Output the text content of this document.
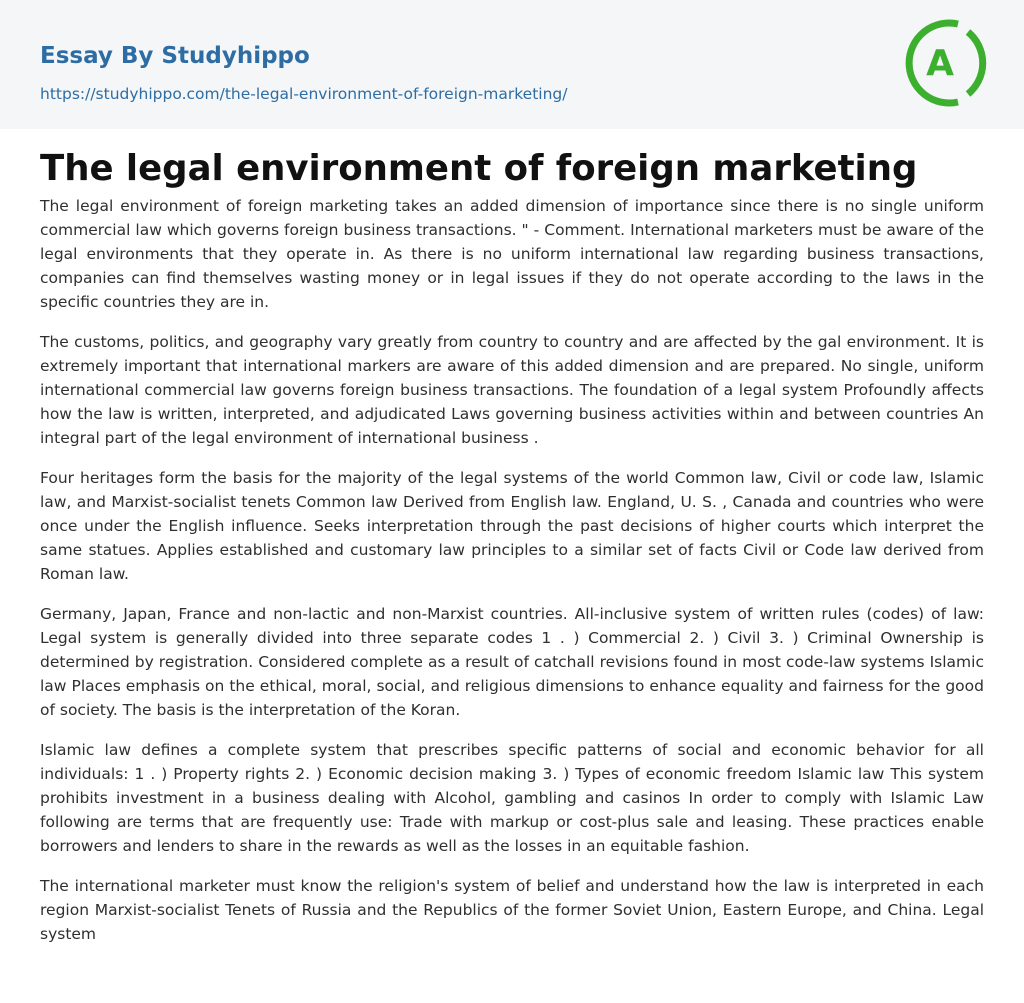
Essay By Studyhippo
https://studyhippo.com/the-legal-environment-of-foreign-marketing/
A
The legal environment of foreign marketing

The legal environment of foreign marketing takes an added dimension of importance since there is no single uniform commercial law which governs foreign business transactions. " - Comment. International marketers must be aware of the legal environments that they operate in. As there is no uniform international law regarding business transactions, companies can find themselves wasting money or in legal issues if they do not operate according to the laws in the specific countries they are in.

The customs, politics, and geography vary greatly from country to country and are affected by the gal environment. It is extremely important that international markers are aware of this added dimension and are prepared. No single, uniform international commercial law governs foreign business transactions. The foundation of a legal system Profoundly affects how the law is written, interpreted, and adjudicated Laws governing business activities within and between countries An integral part of the legal environment of international business .

Four heritages form the basis for the majority of the legal systems of the world Common law, Civil or code law, Islamic law, and Marxist-socialist tenets Common law Derived from English law. England, U. S. , Canada and countries who were once under the English influence. Seeks interpretation through the past decisions of higher courts which interpret the same statues. Applies established and customary law principles to a similar set of facts Civil or Code law derived from Roman law.

Germany, Japan, France and non-lactic and non-Marxist countries. All-inclusive system of written rules (codes) of law: Legal system is generally divided into three separate codes 1 . ) Commercial 2. ) Civil 3. ) Criminal Ownership is determined by registration. Considered complete as a result of catchall revisions found in most code-law systems Islamic law Places emphasis on the ethical, moral, social, and religious dimensions to enhance equality and fairness for the good of society. The basis is the interpretation of the Koran.

Islamic law defines a complete system that prescribes specific patterns of social and economic behavior for all individuals: 1 . ) Property rights 2. ) Economic decision making 3. ) Types of economic freedom Islamic law This system prohibits investment in a business dealing with Alcohol, gambling and casinos In order to comply with Islamic Law following are terms that are frequently use: Trade with markup or cost-plus sale and leasing. These practices enable borrowers and lenders to share in the rewards as well as the losses in an equitable fashion.

The international marketer must know the religion's system of belief and understand how the law is interpreted in each region Marxist-socialist Tenets of Russia and the Republics of the former Soviet Union, Eastern Europe, and China. Legal system
